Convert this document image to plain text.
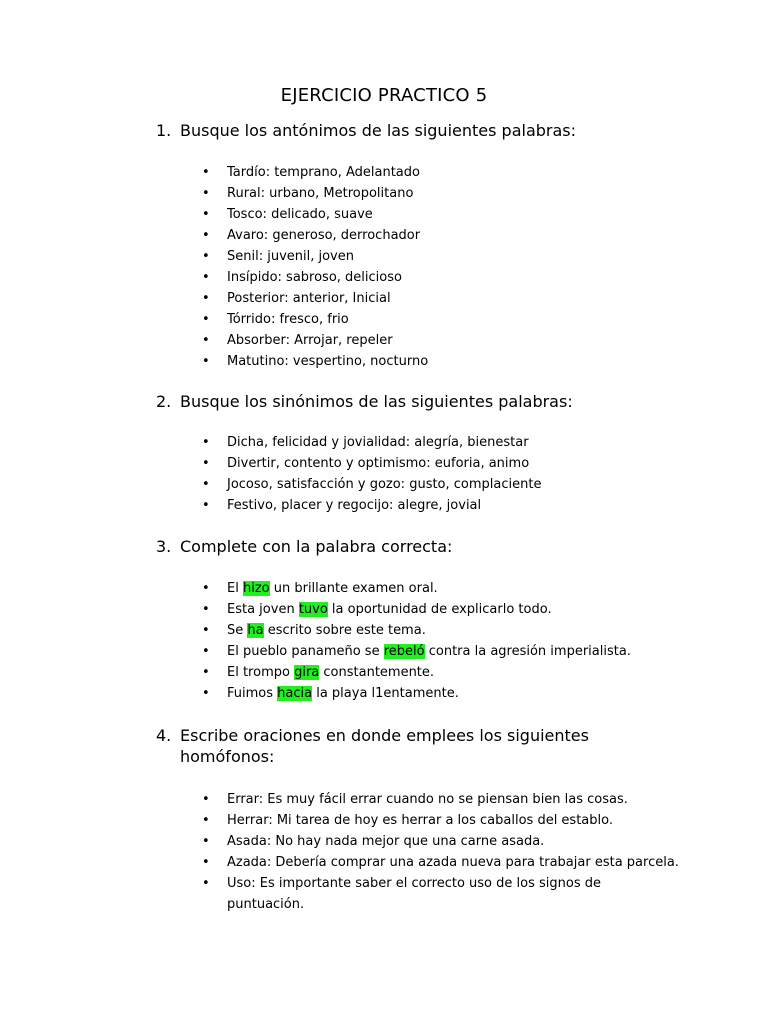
EJERCICIO PRACTICO 5
1. Busque los antónimos de las siguientes palabras:
• Tardío: temprano, Adelantado
• Rural: urbano, Metropolitano
• Tosco: delicado, suave
• Avaro: generoso, derrochador
• Senil: juvenil, joven
• Insípido: sabroso, delicioso
• Posterior: anterior, Inicial
• Tórrido: fresco, frio
• Absorber: Arrojar, repeler
• Matutino: vespertino, nocturno
2. Busque los sinónimos de las siguientes palabras:
• Dicha, felicidad y jovialidad: alegría, bienestar
• Divertir, contento y optimismo: euforia, animo
• Jocoso, satisfacción y gozo: gusto, complaciente
• Festivo, placer y regocijo: alegre, jovial
3. Complete con la palabra correcta:
• El hizo un brillante examen oral.
• Esta joven tuvo la oportunidad de explicarlo todo.
• Se ha escrito sobre este tema.
• El pueblo panameño se rebeló contra la agresión imperialista.
• El trompo gira constantemente.
• Fuimos hacia la playa l1entamente.
4. Escribe oraciones en donde emplees los siguientes
homófonos:
• Errar: Es muy fácil errar cuando no se piensan bien las cosas.
• Herrar: Mi tarea de hoy es herrar a los caballos del establo.
• Asada: No hay nada mejor que una carne asada.
• Azada: Debería comprar una azada nueva para trabajar esta parcela.
• Uso: Es importante saber el correcto uso de los signos de
puntuación.
